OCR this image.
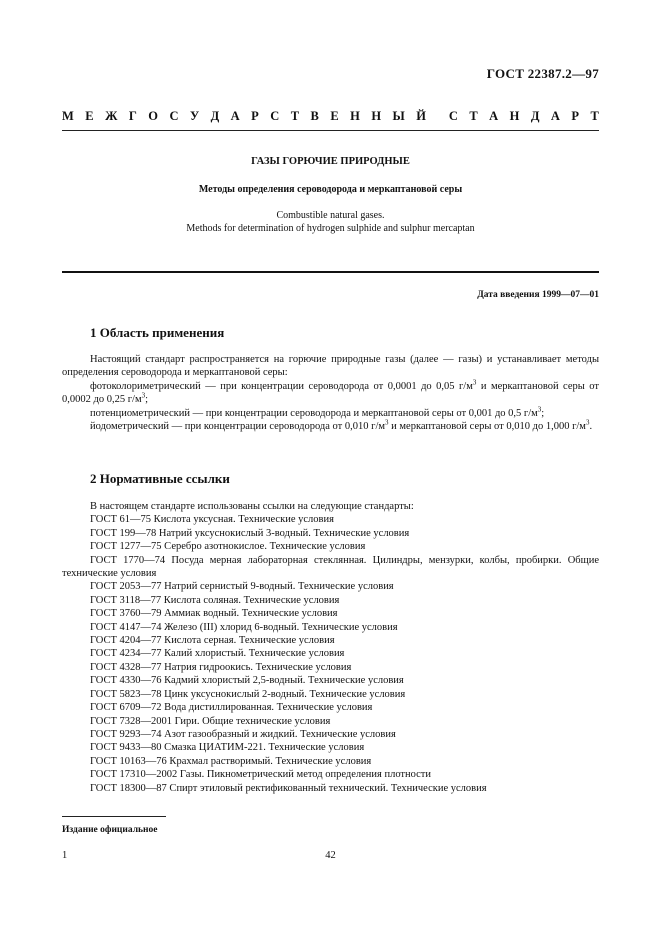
ГОСТ 22387.2—97
М Е Ж Г О С У Д А Р С Т В Е Н Н Ы Й С Т А Н Д А Р Т
ГАЗЫ ГОРЮЧИЕ ПРИРОДНЫЕ
Методы определения сероводорода и меркаптановой серы
Combustible natural gases.
Methods for determination of hydrogen sulphide and sulphur mercaptan
Дата введения 1999—07—01
1 Область применения
Настоящий стандарт распространяется на горючие природные газы (далее — газы) и устанавливает методы определения сероводорода и меркаптановой серы:
фотоколориметрический — при концентрации сероводорода от 0,0001 до 0,05 $г/м^3$ и меркаптановой серы от 0,0002 до 0,25 $г/м^3$;
потенциометрический — при концентрации сероводорода и меркаптановой серы от 0,001 до 0,5 $г/м^3$;
йодометрический — при концентрации сероводорода от 0,010 $г/м^3$ и меркаптановой серы от 0,010 до 1,000 $г/м^3$.
2 Нормативные ссылки
В настоящем стандарте использованы ссылки на следующие стандарты:
ГОСТ 61—75 Кислота уксусная. Технические условия
ГОСТ 199—78 Натрий уксуснокислый 3-водный. Технические условия
ГОСТ 1277—75 Серебро азотнокислое. Технические условия
ГОСТ 1770—74 Посуда мерная лабораторная стеклянная. Цилиндры, мензурки, колбы, пробирки. Общие технические условия
ГОСТ 2053—77 Натрий сернистый 9-водный. Технические условия
ГОСТ 3118—77 Кислота соляная. Технические условия
ГОСТ 3760—79 Аммиак водный. Технические условия
ГОСТ 4147—74 Железо (III) хлорид 6-водный. Технические условия
ГОСТ 4204—77 Кислота серная. Технические условия
ГОСТ 4234—77 Калий хлористый. Технические условия
ГОСТ 4328—77 Натрия гидроокись. Технические условия
ГОСТ 4330—76 Кадмий хлористый 2,5-водный. Технические условия
ГОСТ 5823—78 Цинк уксуснокислый 2-водный. Технические условия
ГОСТ 6709—72 Вода дистиллированная. Технические условия
ГОСТ 7328—2001 Гири. Общие технические условия
ГОСТ 9293—74 Азот газообразный и жидкий. Технические условия
ГОСТ 9433—80 Смазка ЦИАТИМ-221. Технические условия
ГОСТ 10163—76 Крахмал растворимый. Технические условия
ГОСТ 17310—2002 Газы. Пикнометрический метод определения плотности
ГОСТ 18300—87 Спирт этиловый ректификованный технический. Технические условия
Издание официальное
1	42
